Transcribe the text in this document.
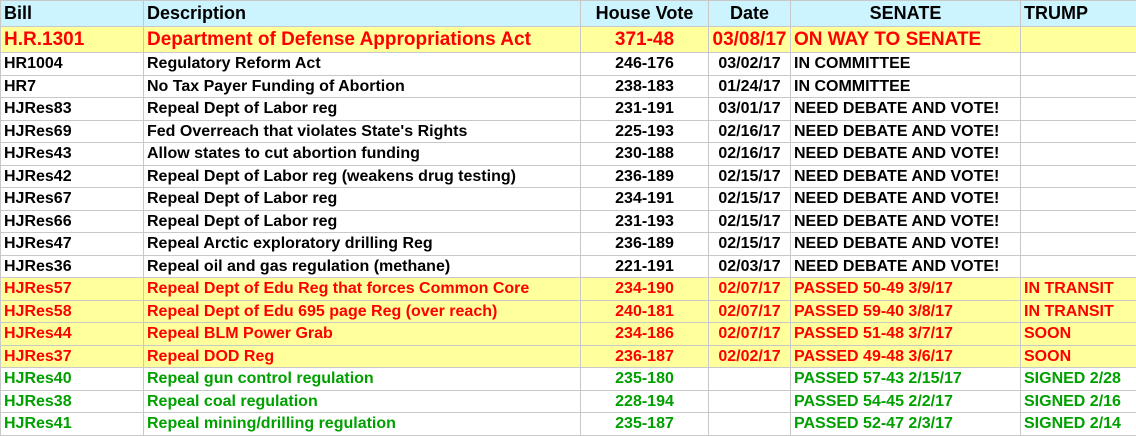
Bill	Description	House Vote	Date	SENATE	TRUMP
H.R.1301	Department of Defense Appropriations Act	371-48	03/08/17	ON WAY TO SENATE	
HR1004	Regulatory Reform Act	246-176	03/02/17	IN COMMITTEE	
HR7	No Tax Payer Funding of Abortion	238-183	01/24/17	IN COMMITTEE	
HJRes83	Repeal Dept of Labor reg	231-191	03/01/17	NEED DEBATE AND VOTE!	
HJRes69	Fed Overreach that violates State's Rights	225-193	02/16/17	NEED DEBATE AND VOTE!	
HJRes43	Allow states to cut abortion funding	230-188	02/16/17	NEED DEBATE AND VOTE!	
HJRes42	Repeal Dept of Labor reg (weakens drug testing)	236-189	02/15/17	NEED DEBATE AND VOTE!	
HJRes67	Repeal Dept of Labor reg	234-191	02/15/17	NEED DEBATE AND VOTE!	
HJRes66	Repeal Dept of Labor reg	231-193	02/15/17	NEED DEBATE AND VOTE!	
HJRes47	Repeal Arctic exploratory drilling Reg	236-189	02/15/17	NEED DEBATE AND VOTE!	
HJRes36	Repeal oil and gas regulation (methane)	221-191	02/03/17	NEED DEBATE AND VOTE!	
HJRes57	Repeal Dept of Edu Reg that forces Common Core	234-190	02/07/17	PASSED 50-49 3/9/17	IN TRANSIT
HJRes58	Repeal Dept of Edu 695 page Reg (over reach)	240-181	02/07/17	PASSED 59-40 3/8/17	IN TRANSIT
HJRes44	Repeal BLM Power Grab	234-186	02/07/17	PASSED 51-48 3/7/17	SOON
HJRes37	Repeal DOD Reg	236-187	02/02/17	PASSED 49-48 3/6/17	SOON
HJRes40	Repeal gun control regulation	235-180		PASSED 57-43 2/15/17	SIGNED 2/28
HJRes38	Repeal coal regulation	228-194		PASSED 54-45 2/2/17	SIGNED 2/16
HJRes41	Repeal mining/drilling regulation	235-187		PASSED 52-47 2/3/17	SIGNED 2/14
